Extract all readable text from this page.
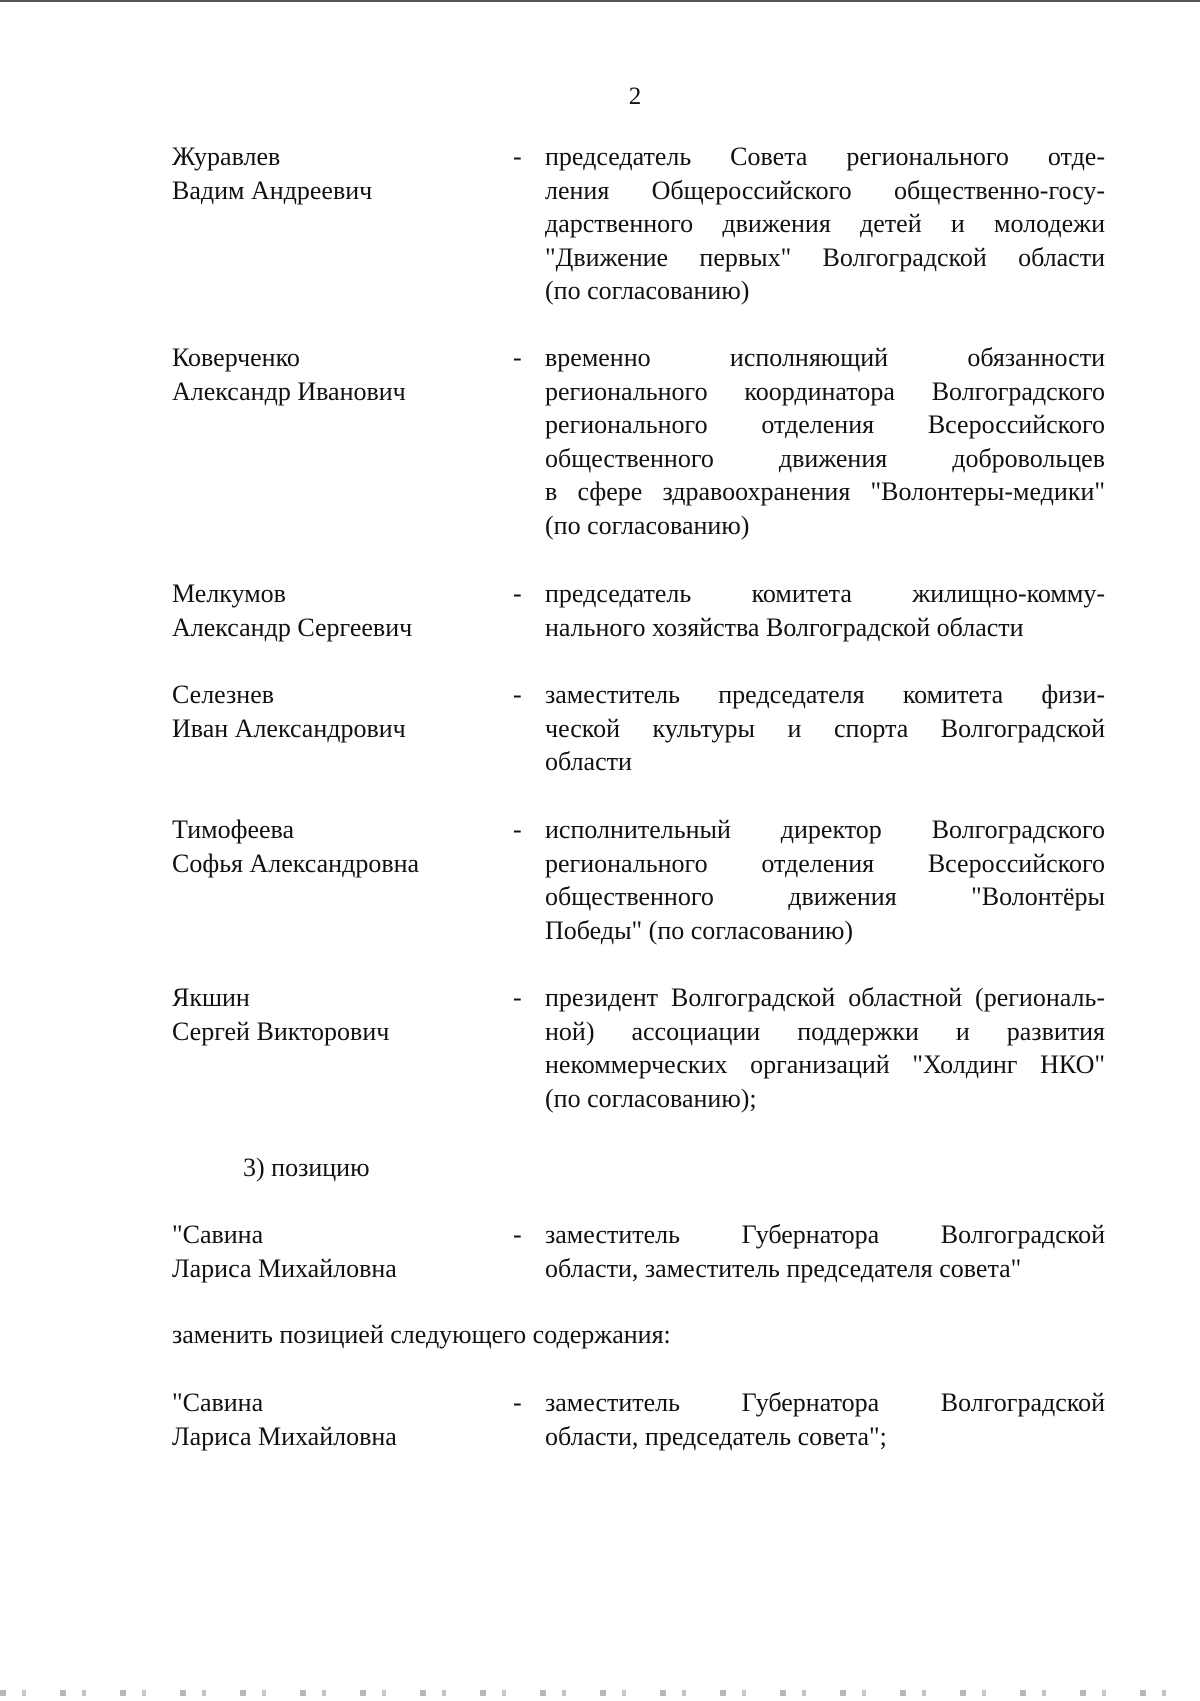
2
Журавлев
Вадим Андреевич
- председатель Совета регионального отде-
ления Общероссийского общественно-госу-
дарственного движения детей и молодежи
"Движение первых" Волгоградской области
(по согласованию)
Коверченко
Александр Иванович
- временно исполняющий обязанности
регионального координатора Волгоградского
регионального отделения Всероссийского
общественного движения добровольцев
в сфере здравоохранения "Волонтеры-медики"
(по согласованию)
Мелкумов
Александр Сергеевич
- председатель комитета жилищно-комму-
нального хозяйства Волгоградской области
Селезнев
Иван Александрович
- заместитель председателя комитета физи-
ческой культуры и спорта Волгоградской
области
Тимофеева
Софья Александровна
- исполнительный директор Волгоградского
регионального отделения Всероссийского
общественного движения "Волонтёры
Победы" (по согласованию)
Якшин
Сергей Викторович
- президент Волгоградской областной (региональ-
ной) ассоциации поддержки и развития
некоммерческих организаций "Холдинг НКО"
(по согласованию);
3) позицию
"Савина
Лариса Михайловна
- заместитель Губернатора Волгоградской
области, заместитель председателя совета"
заменить позицией следующего содержания:
"Савина
Лариса Михайловна
- заместитель Губернатора Волгоградской
области, председатель совета";
